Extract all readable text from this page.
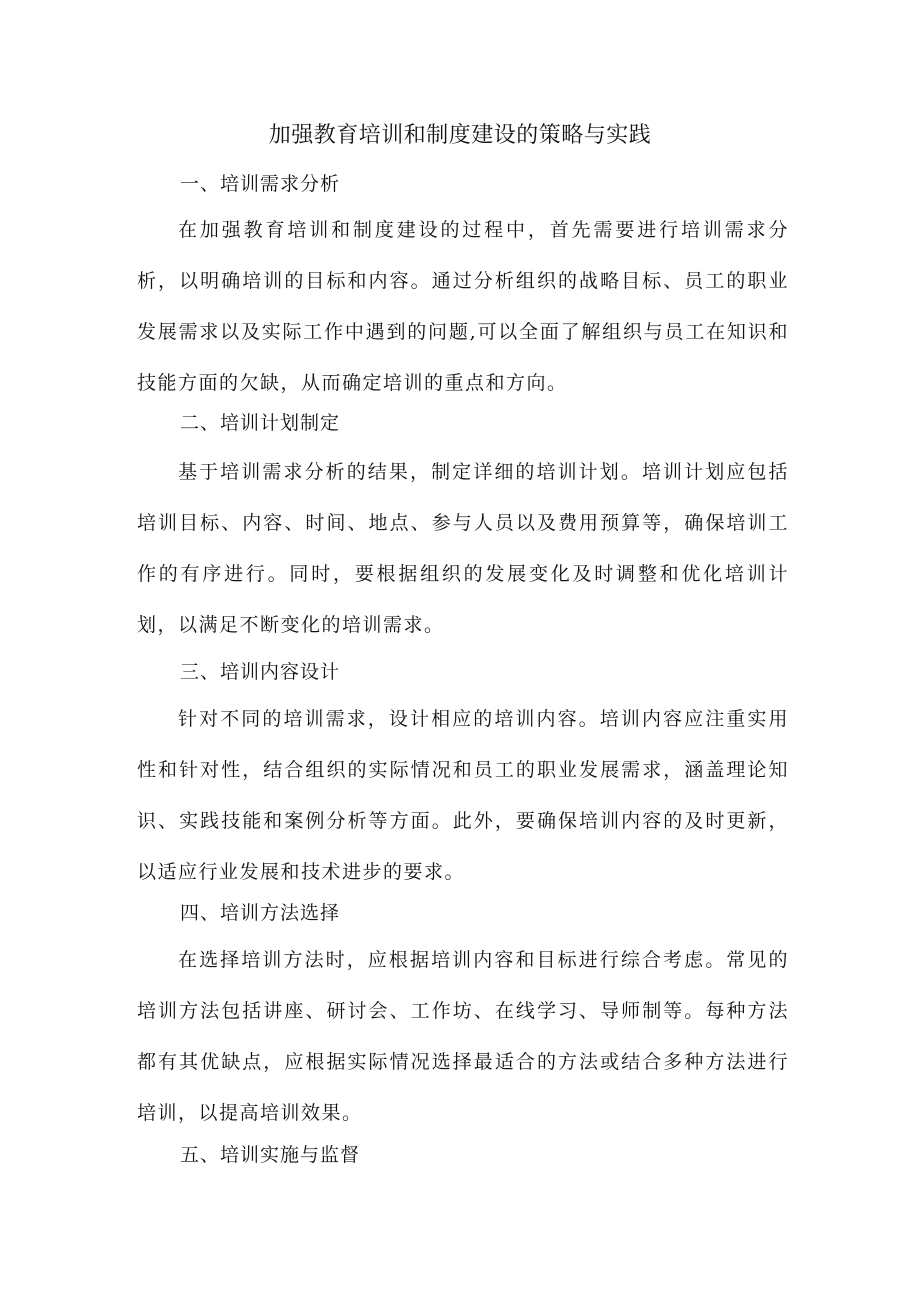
加强教育培训和制度建设的策略与实践
一、培训需求分析

在加强教育培训和制度建设的过程中，首先需要进行培训需求分析，以明确培训的目标和内容。通过分析组织的战略目标、员工的职业发展需求以及实际工作中遇到的问题,可以全面了解组织与员工在知识和技能方面的欠缺，从而确定培训的重点和方向。

二、培训计划制定

基于培训需求分析的结果，制定详细的培训计划。培训计划应包括培训目标、内容、时间、地点、参与人员以及费用预算等，确保培训工作的有序进行。同时，要根据组织的发展变化及时调整和优化培训计划，以满足不断变化的培训需求。

三、培训内容设计

针对不同的培训需求，设计相应的培训内容。培训内容应注重实用性和针对性，结合组织的实际情况和员工的职业发展需求，涵盖理论知识、实践技能和案例分析等方面。此外，要确保培训内容的及时更新，以适应行业发展和技术进步的要求。

四、培训方法选择

在选择培训方法时，应根据培训内容和目标进行综合考虑。常见的培训方法包括讲座、研讨会、工作坊、在线学习、导师制等。每种方法都有其优缺点，应根据实际情况选择最适合的方法或结合多种方法进行培训，以提高培训效果。

五、培训实施与监督
